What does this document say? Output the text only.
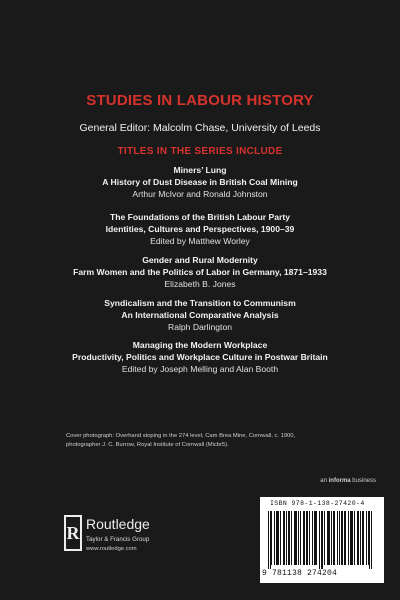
STUDIES IN LABOUR HISTORY
General Editor: Malcolm Chase, University of Leeds
TITLES IN THE SERIES INCLUDE
Miners’ Lung
A History of Dust Disease in British Coal Mining
Arthur McIvor and Ronald Johnston
The Foundations of the British Labour Party
Identities, Cultures and Perspectives, 1900–39
Edited by Matthew Worley
Gender and Rural Modernity
Farm Women and the Politics of Labor in Germany, 1871–1933
Elizabeth B. Jones
Syndicalism and the Transition to Communism
An International Comparative Analysis
Ralph Darlington
Managing the Modern Workplace
Productivity, Politics and Workplace Culture in Postwar Britain
Edited by Joseph Melling and Alan Booth
Cover photograph: Overhand stoping in the 274 level, Cam Brea Mine, Cornwall, c. 1900,
photographer J. C. Burrow, Royal Institute of Cornwall (Micbr5).
an informa business
ISBN 978-1-138-27420-4
9 781138 274204
R Routledge
Taylor & Francis Group
www.routledge.com
